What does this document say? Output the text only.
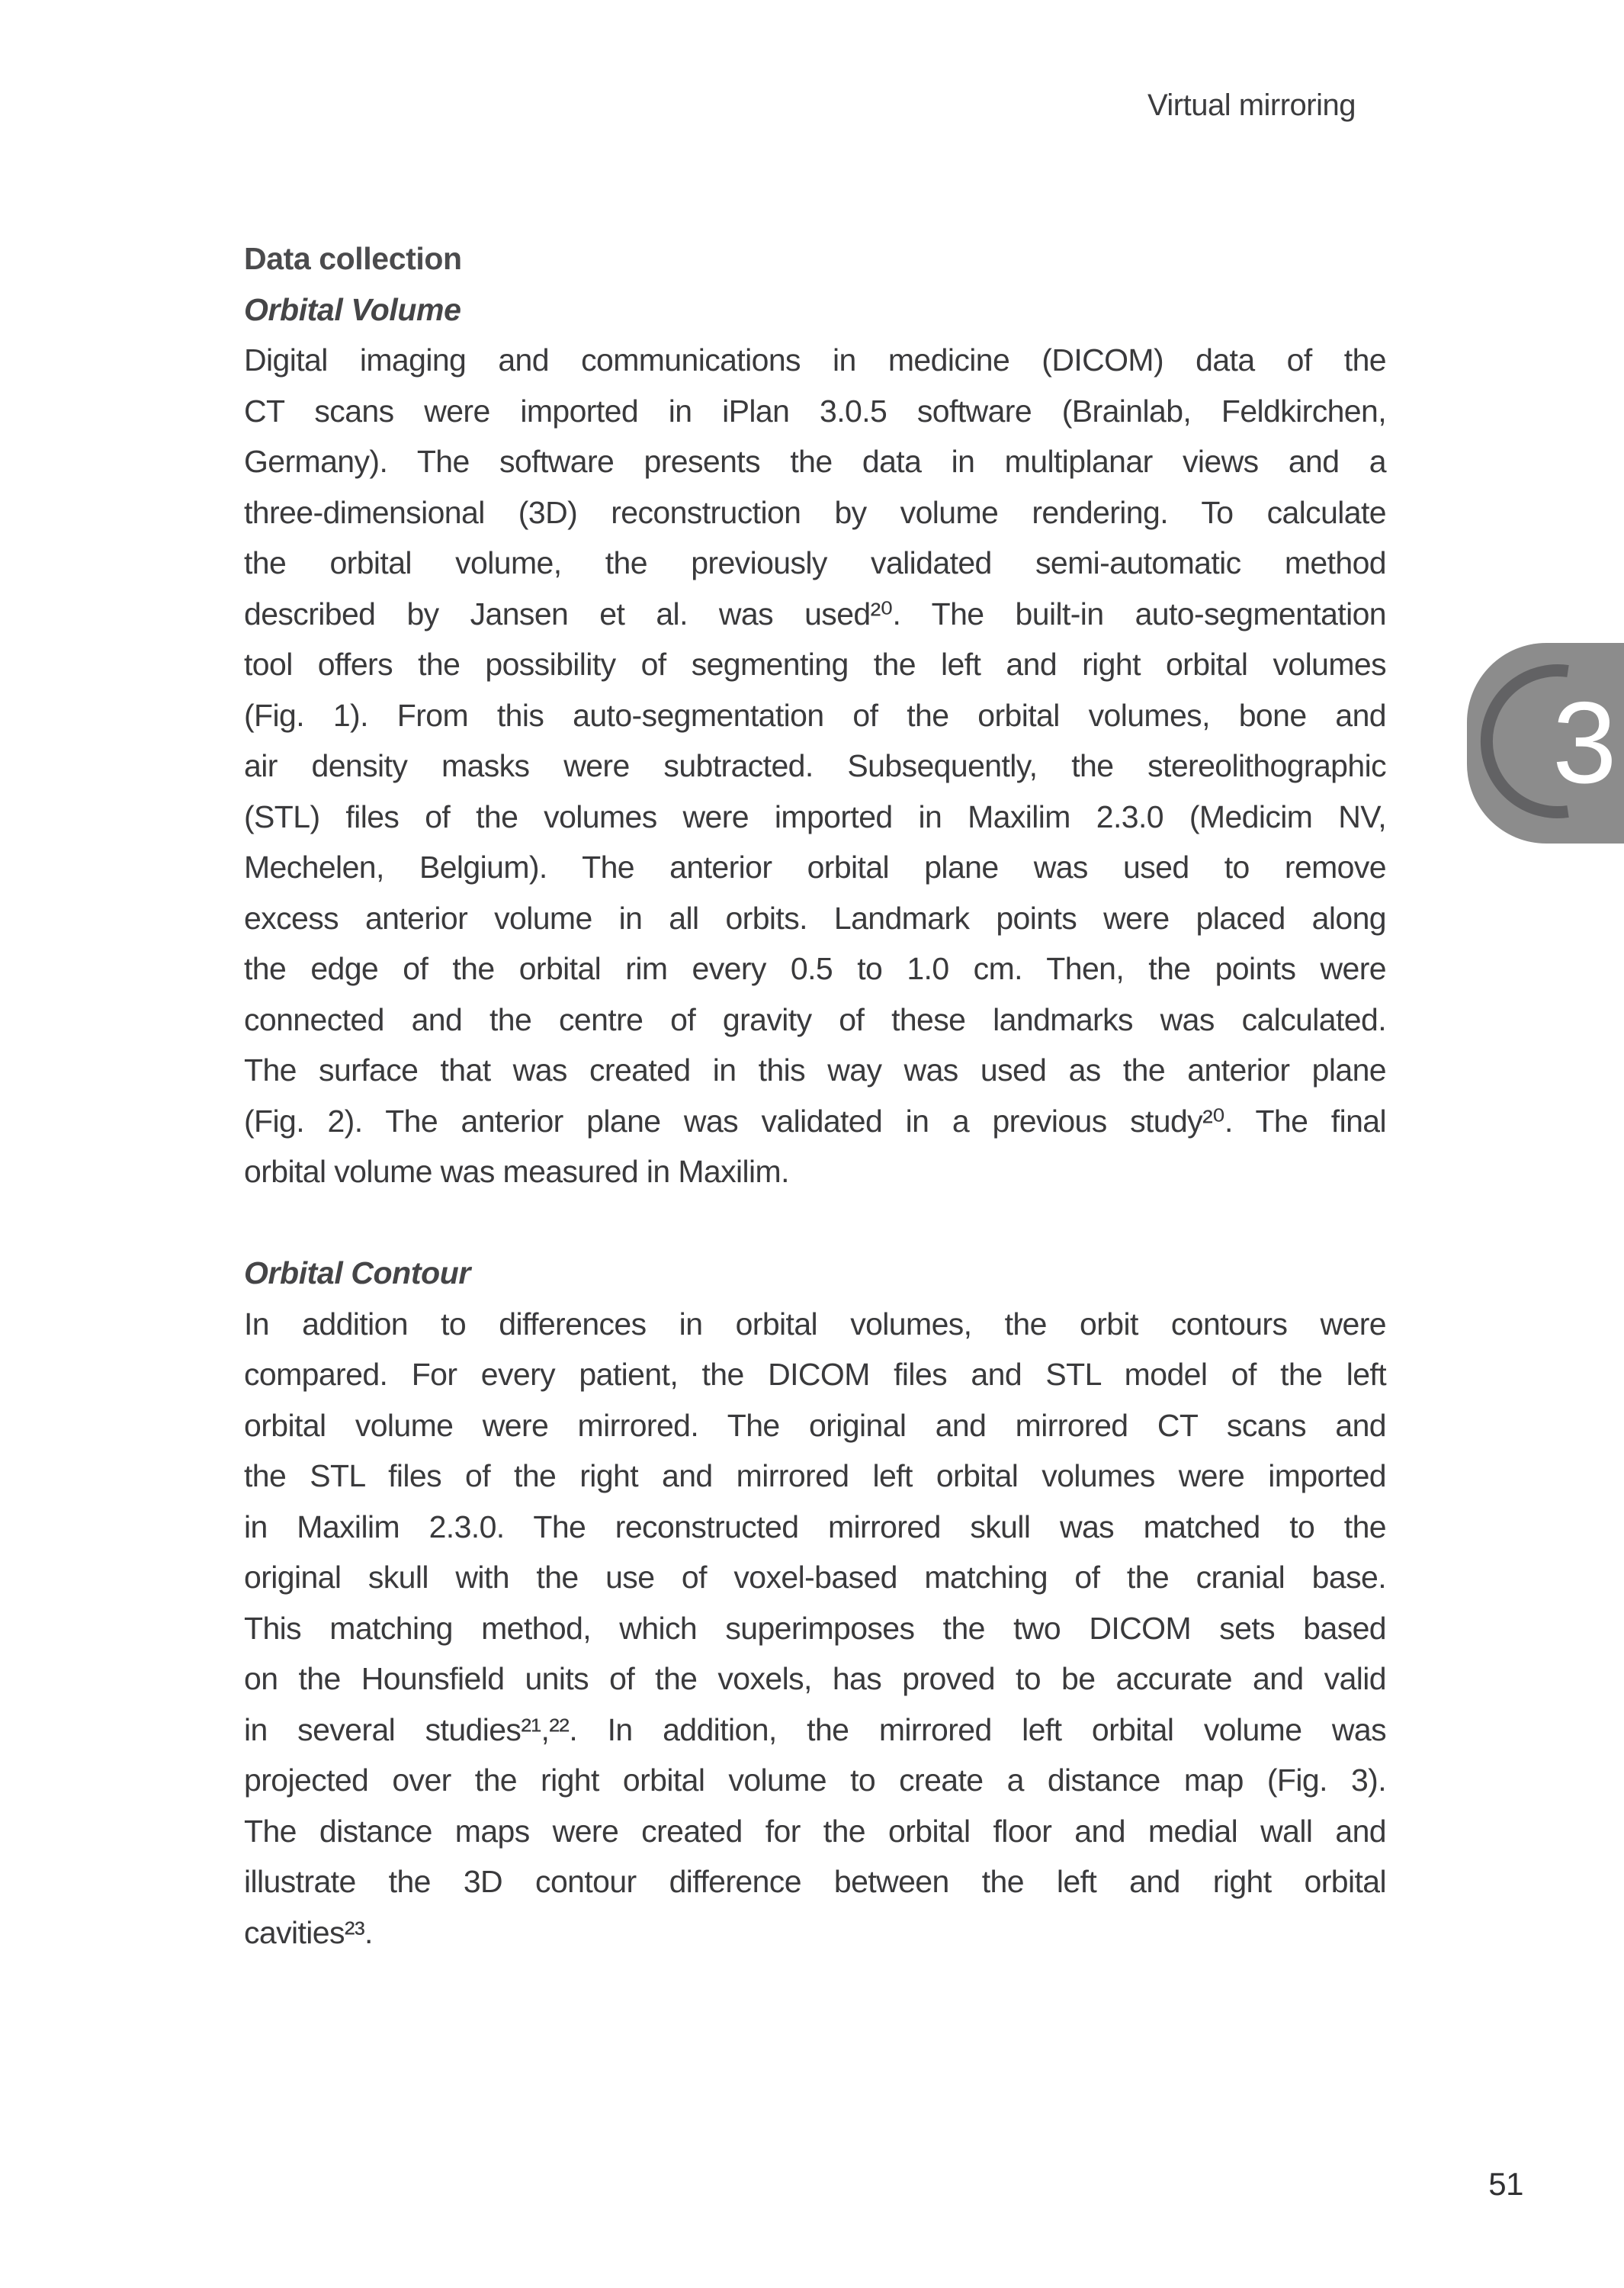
Virtual mirroring
Data collection
Orbital Volume
Digital imaging and communications in medicine (DICOM) data of the
CT scans were imported in iPlan 3.0.5 software (Brainlab, Feldkirchen,
Germany). The software presents the data in multiplanar views and a
three-dimensional (3D) reconstruction by volume rendering. To calculate
the orbital volume, the previously validated semi-automatic method
described by Jansen et al. was used²⁰. The built-in auto-segmentation
tool offers the possibility of segmenting the left and right orbital volumes
(Fig. 1). From this auto-segmentation of the orbital volumes, bone and
air density masks were subtracted. Subsequently, the stereolithographic
(STL) files of the volumes were imported in Maxilim 2.3.0 (Medicim NV,
Mechelen, Belgium). The anterior orbital plane was used to remove
excess anterior volume in all orbits. Landmark points were placed along
the edge of the orbital rim every 0.5 to 1.0 cm. Then, the points were
connected and the centre of gravity of these landmarks was calculated.
The surface that was created in this way was used as the anterior plane
(Fig. 2). The anterior plane was validated in a previous study²⁰. The final
orbital volume was measured in Maxilim.
Orbital Contour
In addition to differences in orbital volumes, the orbit contours were
compared. For every patient, the DICOM files and STL model of the left
orbital volume were mirrored. The original and mirrored CT scans and
the STL files of the right and mirrored left orbital volumes were imported
in Maxilim 2.3.0. The reconstructed mirrored skull was matched to the
original skull with the use of voxel-based matching of the cranial base.
This matching method, which superimposes the two DICOM sets based
on the Hounsfield units of the voxels, has proved to be accurate and valid
in several studies²¹,²². In addition, the mirrored left orbital volume was
projected over the right orbital volume to create a distance map (Fig. 3).
The distance maps were created for the orbital floor and medial wall and
illustrate the 3D contour difference between the left and right orbital
cavities²³.
3
51
